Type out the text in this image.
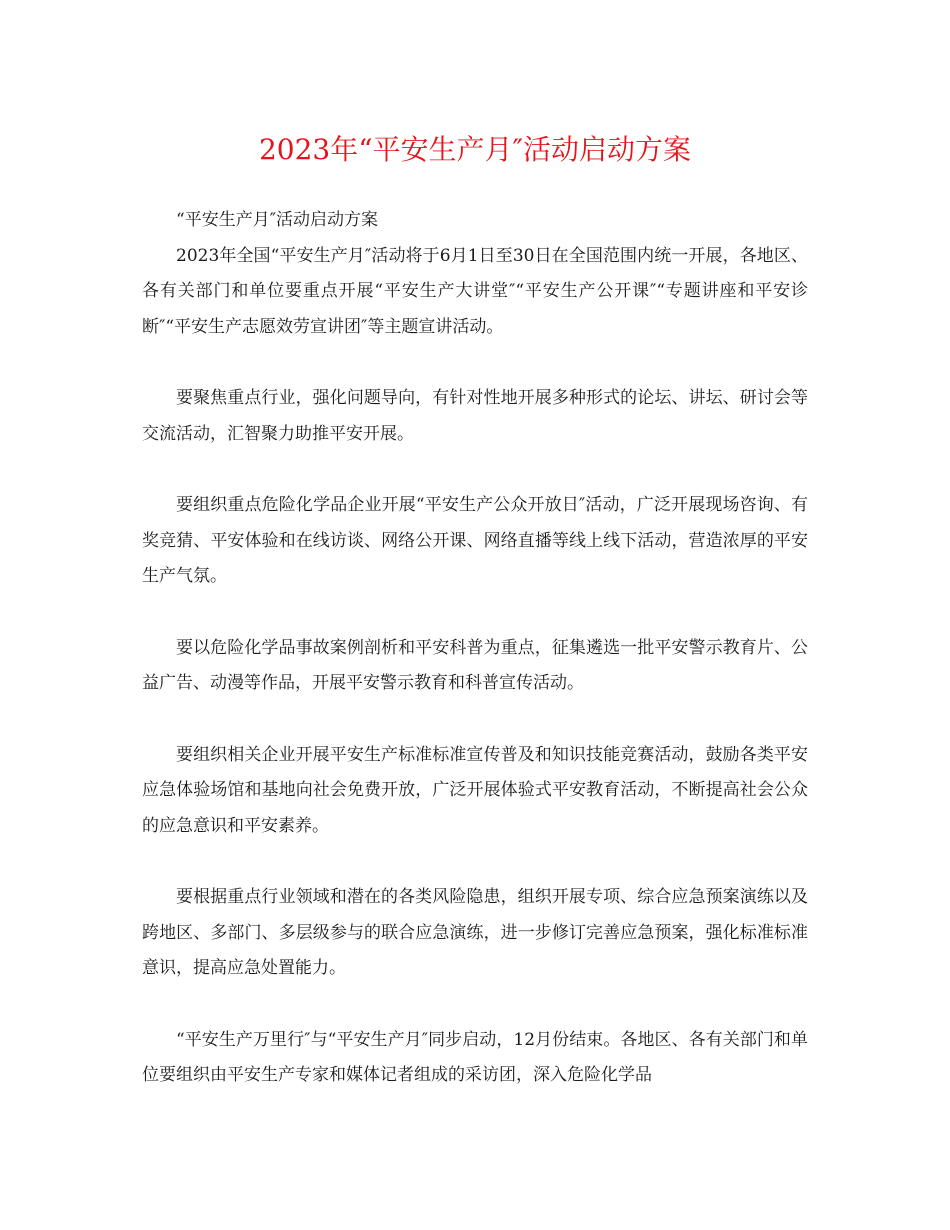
2023年“平安生产月″活动启动方案

“平安生产月″活动启动方案

2023年全国“平安生产月″活动将于6月1日至30日在全国范围内统一开展，各地区、各有关部门和单位要重点开展“平安生产大讲堂″“平安生产公开课″“专题讲座和平安诊断″“平安生产志愿效劳宣讲团″等主题宣讲活动。

要聚焦重点行业，强化问题导向，有针对性地开展多种形式的论坛、讲坛、研讨会等交流活动，汇智聚力助推平安开展。

要组织重点危险化学品企业开展“平安生产公众开放日″活动，广泛开展现场咨询、有奖竞猜、平安体验和在线访谈、网络公开课、网络直播等线上线下活动，营造浓厚的平安生产气氛。

要以危险化学品事故案例剖析和平安科普为重点，征集遴选一批平安警示教育片、公益广告、动漫等作品，开展平安警示教育和科普宣传活动。

要组织相关企业开展平安生产标准标准宣传普及和知识技能竞赛活动，鼓励各类平安应急体验场馆和基地向社会免费开放，广泛开展体验式平安教育活动，不断提高社会公众的应急意识和平安素养。

要根据重点行业领域和潜在的各类风险隐患，组织开展专项、综合应急预案演练以及跨地区、多部门、多层级参与的联合应急演练，进一步修订完善应急预案，强化标准标准意识，提高应急处置能力。

“平安生产万里行″与“平安生产月″同步启动，12月份结束。各地区、各有关部门和单位要组织由平安生产专家和媒体记者组成的采访团，深入危险化学品
